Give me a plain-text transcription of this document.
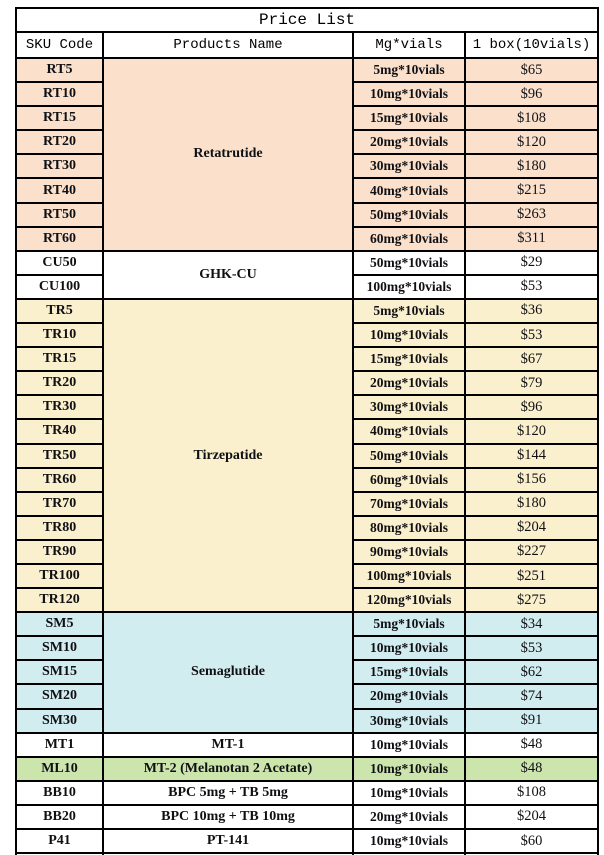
Price List			
SKU Code	Products Name	Mg*vials	1 box(10vials)
RT5	Retatrutide	5mg*10vials	$65
RT10		10mg*10vials	$96
RT15		15mg*10vials	$108
RT20		20mg*10vials	$120
RT30		30mg*10vials	$180
RT40		40mg*10vials	$215
RT50		50mg*10vials	$263
RT60		60mg*10vials	$311
CU50	GHK-CU	50mg*10vials	$29
CU100		100mg*10vials	$53
TR5	Tirzepatide	5mg*10vials	$36
TR10		10mg*10vials	$53
TR15		15mg*10vials	$67
TR20		20mg*10vials	$79
TR30		30mg*10vials	$96
TR40		40mg*10vials	$120
TR50		50mg*10vials	$144
TR60		60mg*10vials	$156
TR70		70mg*10vials	$180
TR80		80mg*10vials	$204
TR90		90mg*10vials	$227
TR100		100mg*10vials	$251
TR120		120mg*10vials	$275
SM5	Semaglutide	5mg*10vials	$34
SM10		10mg*10vials	$53
SM15		15mg*10vials	$62
SM20		20mg*10vials	$74
SM30		30mg*10vials	$91
MT1	MT-1	10mg*10vials	$48
ML10	MT-2 (Melanotan 2 Acetate)	10mg*10vials	$48
BB10	BPC 5mg + TB 5mg	10mg*10vials	$108
BB20	BPC 10mg + TB 10mg	20mg*10vials	$204
P41	PT-141	10mg*10vials	$60
